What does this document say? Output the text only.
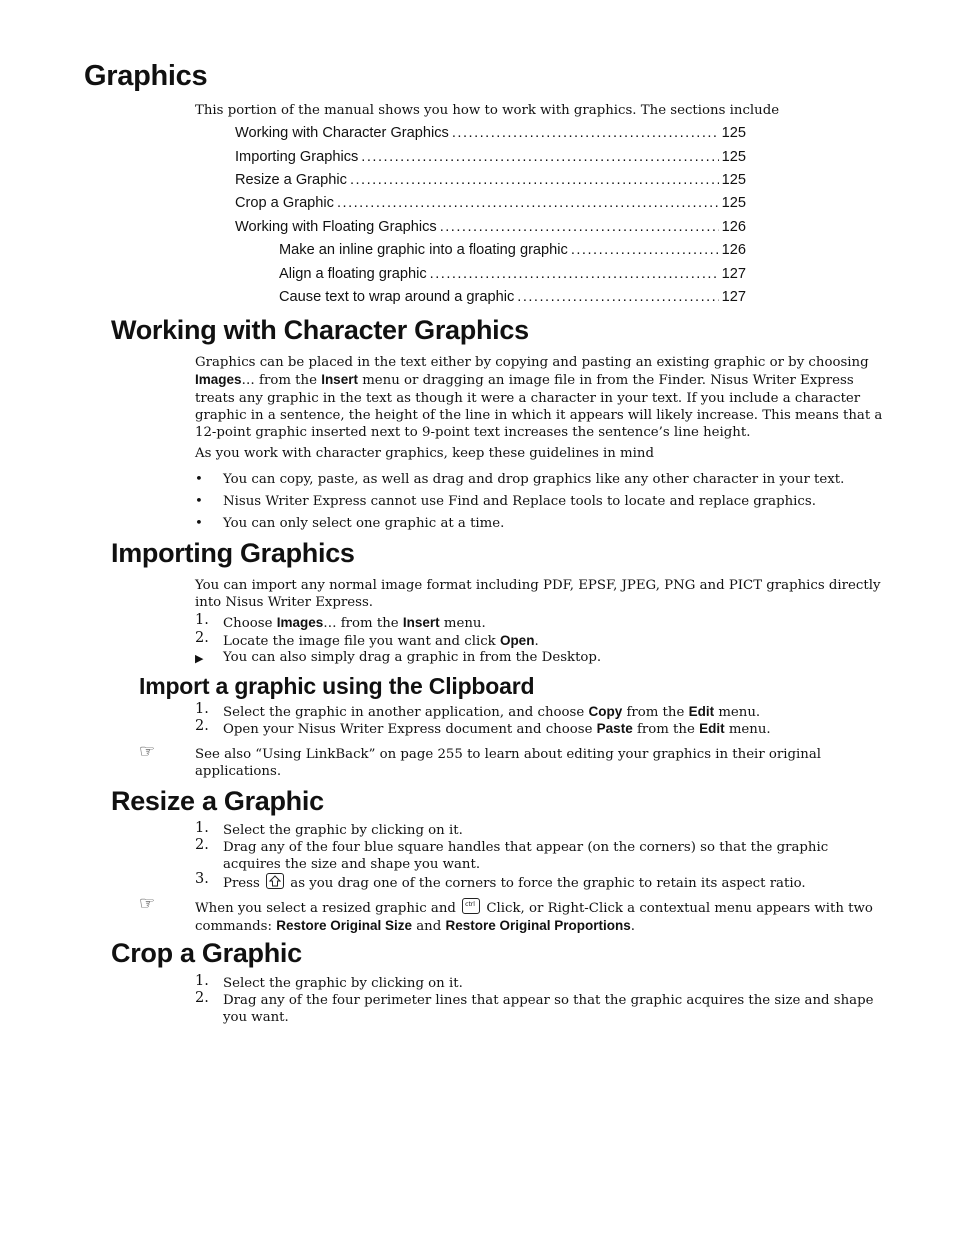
Graphics

This portion of the manual shows you how to work with graphics. The sections include

Working with Character Graphics .....	125
Importing Graphics .....	125
Resize a Graphic .....	125
Crop a Graphic .....	125
Working with Floating Graphics .....	126
Make an inline graphic into a floating graphic .....	126
Align a floating graphic .....	127
Cause text to wrap around a graphic .....	127
Working with Character Graphics

Graphics can be placed in the text either by copying and pasting an existing graphic or by choosing Images… from the Insert menu or dragging an image file in from the Finder. Nisus Writer Express treats any graphic in the text as though it were a character in your text. If you include a character graphic in a sentence, the height of the line in which it appears will likely increase. This means that a 12-point graphic inserted next to 9-point text increases the sentence’s line height.

As you work with character graphics, keep these guidelines in mind

• You can copy, paste, as well as drag and drop graphics like any other character in your text.
• Nisus Writer Express cannot use Find and Replace tools to locate and replace graphics.
• You can only select one graphic at a time.
Importing Graphics

You can import any normal image format including PDF, EPSF, JPEG, PNG and PICT graphics directly into Nisus Writer Express.

1. Choose Images… from the Insert menu.
2. Locate the image file you want and click Open.
▶ You can also simply drag a graphic in from the Desktop.
Import a graphic using the Clipboard
1. Select the graphic in another application, and choose Copy from the Edit menu.
2. Open your Nisus Writer Express document and choose Paste from the Edit menu.
☞	See also “Using LinkBack” on page 255 to learn about editing your graphics in their original applications.

Resize a Graphic
1. Select the graphic by clicking on it.
2. Drag any of the four blue square handles that appear (on the corners) so that the graphic acquires the size and shape you want.
3. Press as you drag one of the corners to force the graphic to retain its aspect ratio.
☞	When you select a resized graphic and ctrl Click, or Right-Click a contextual menu appears with two commands: Restore Original Size and Restore Original Proportions.

Crop a Graphic
1. Select the graphic by clicking on it.
2. Drag any of the four perimeter lines that appear so that the graphic acquires the size and shape you want.
